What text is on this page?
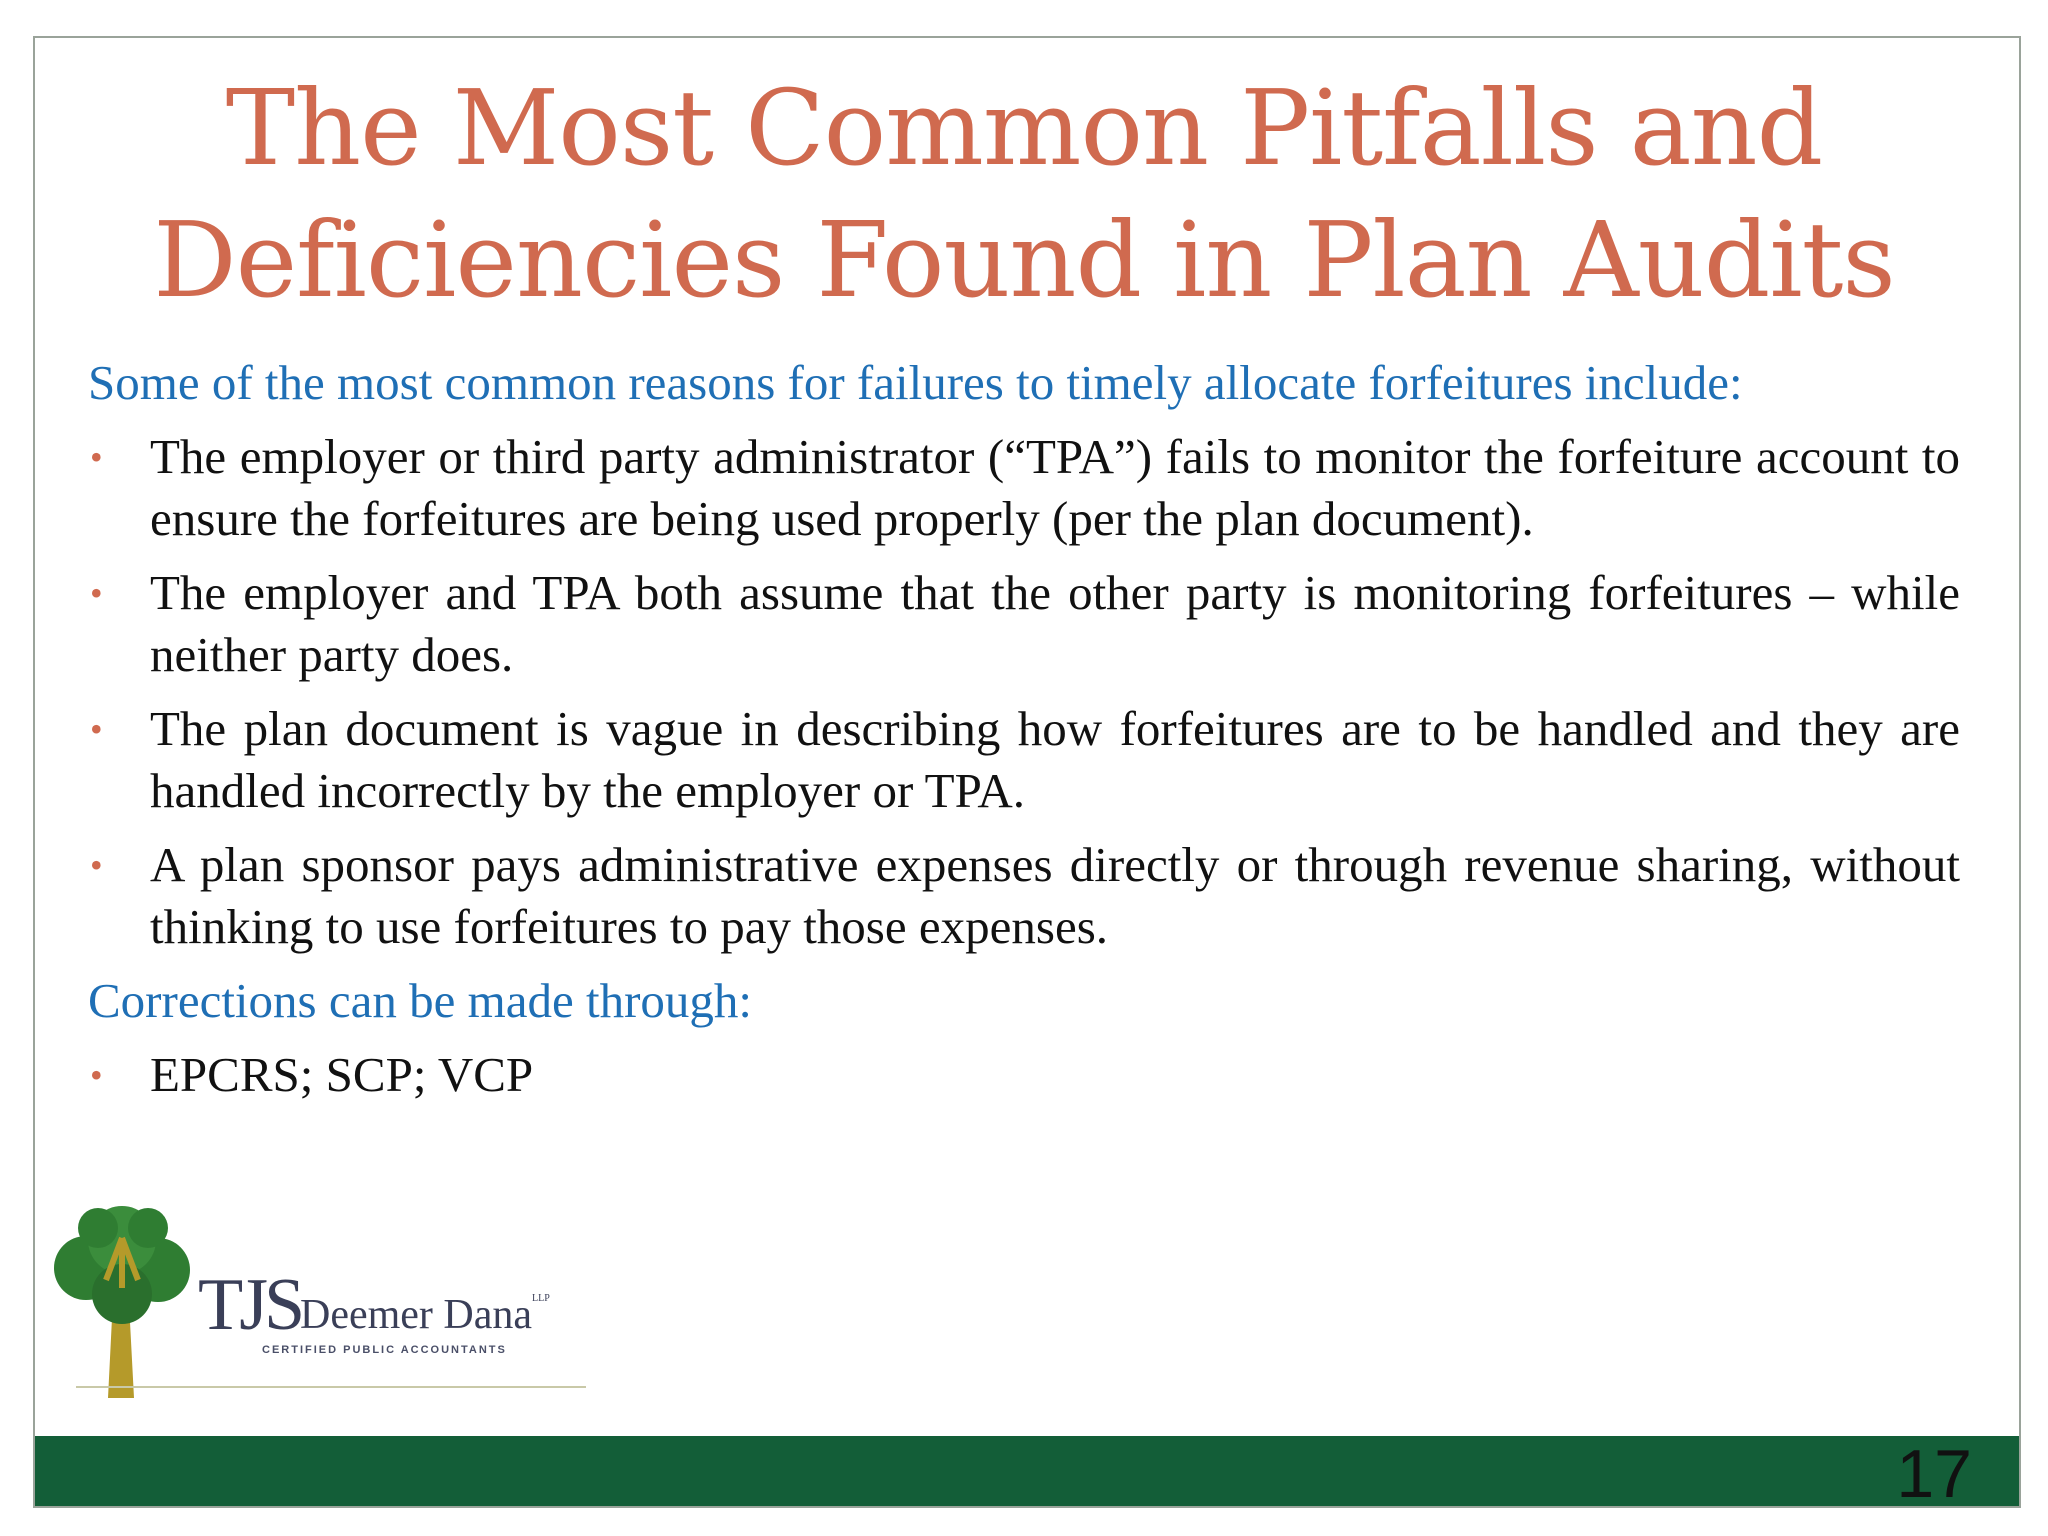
The Most Common Pitfalls and
Deficiencies Found in Plan Audits

Some of the most common reasons for failures to timely allocate forfeitures include:

• The employer or third party administrator (“TPA”) fails to monitor the forfeiture account to ensure the forfeitures are being used properly (per the plan document).
• The employer and TPA both assume that the other party is monitoring forfeitures – while neither party does.
• The plan document is vague in describing how forfeitures are to be handled and they are handled incorrectly by the employer or TPA.
• A plan sponsor pays administrative expenses directly or through revenue sharing, without thinking to use forfeitures to pay those expenses.

Corrections can be made through:

• EPCRS; SCP; VCP
TJS
Deemer Dana$^{LLP}$
CERTIFIED PUBLIC ACCOUNTANTS
17
